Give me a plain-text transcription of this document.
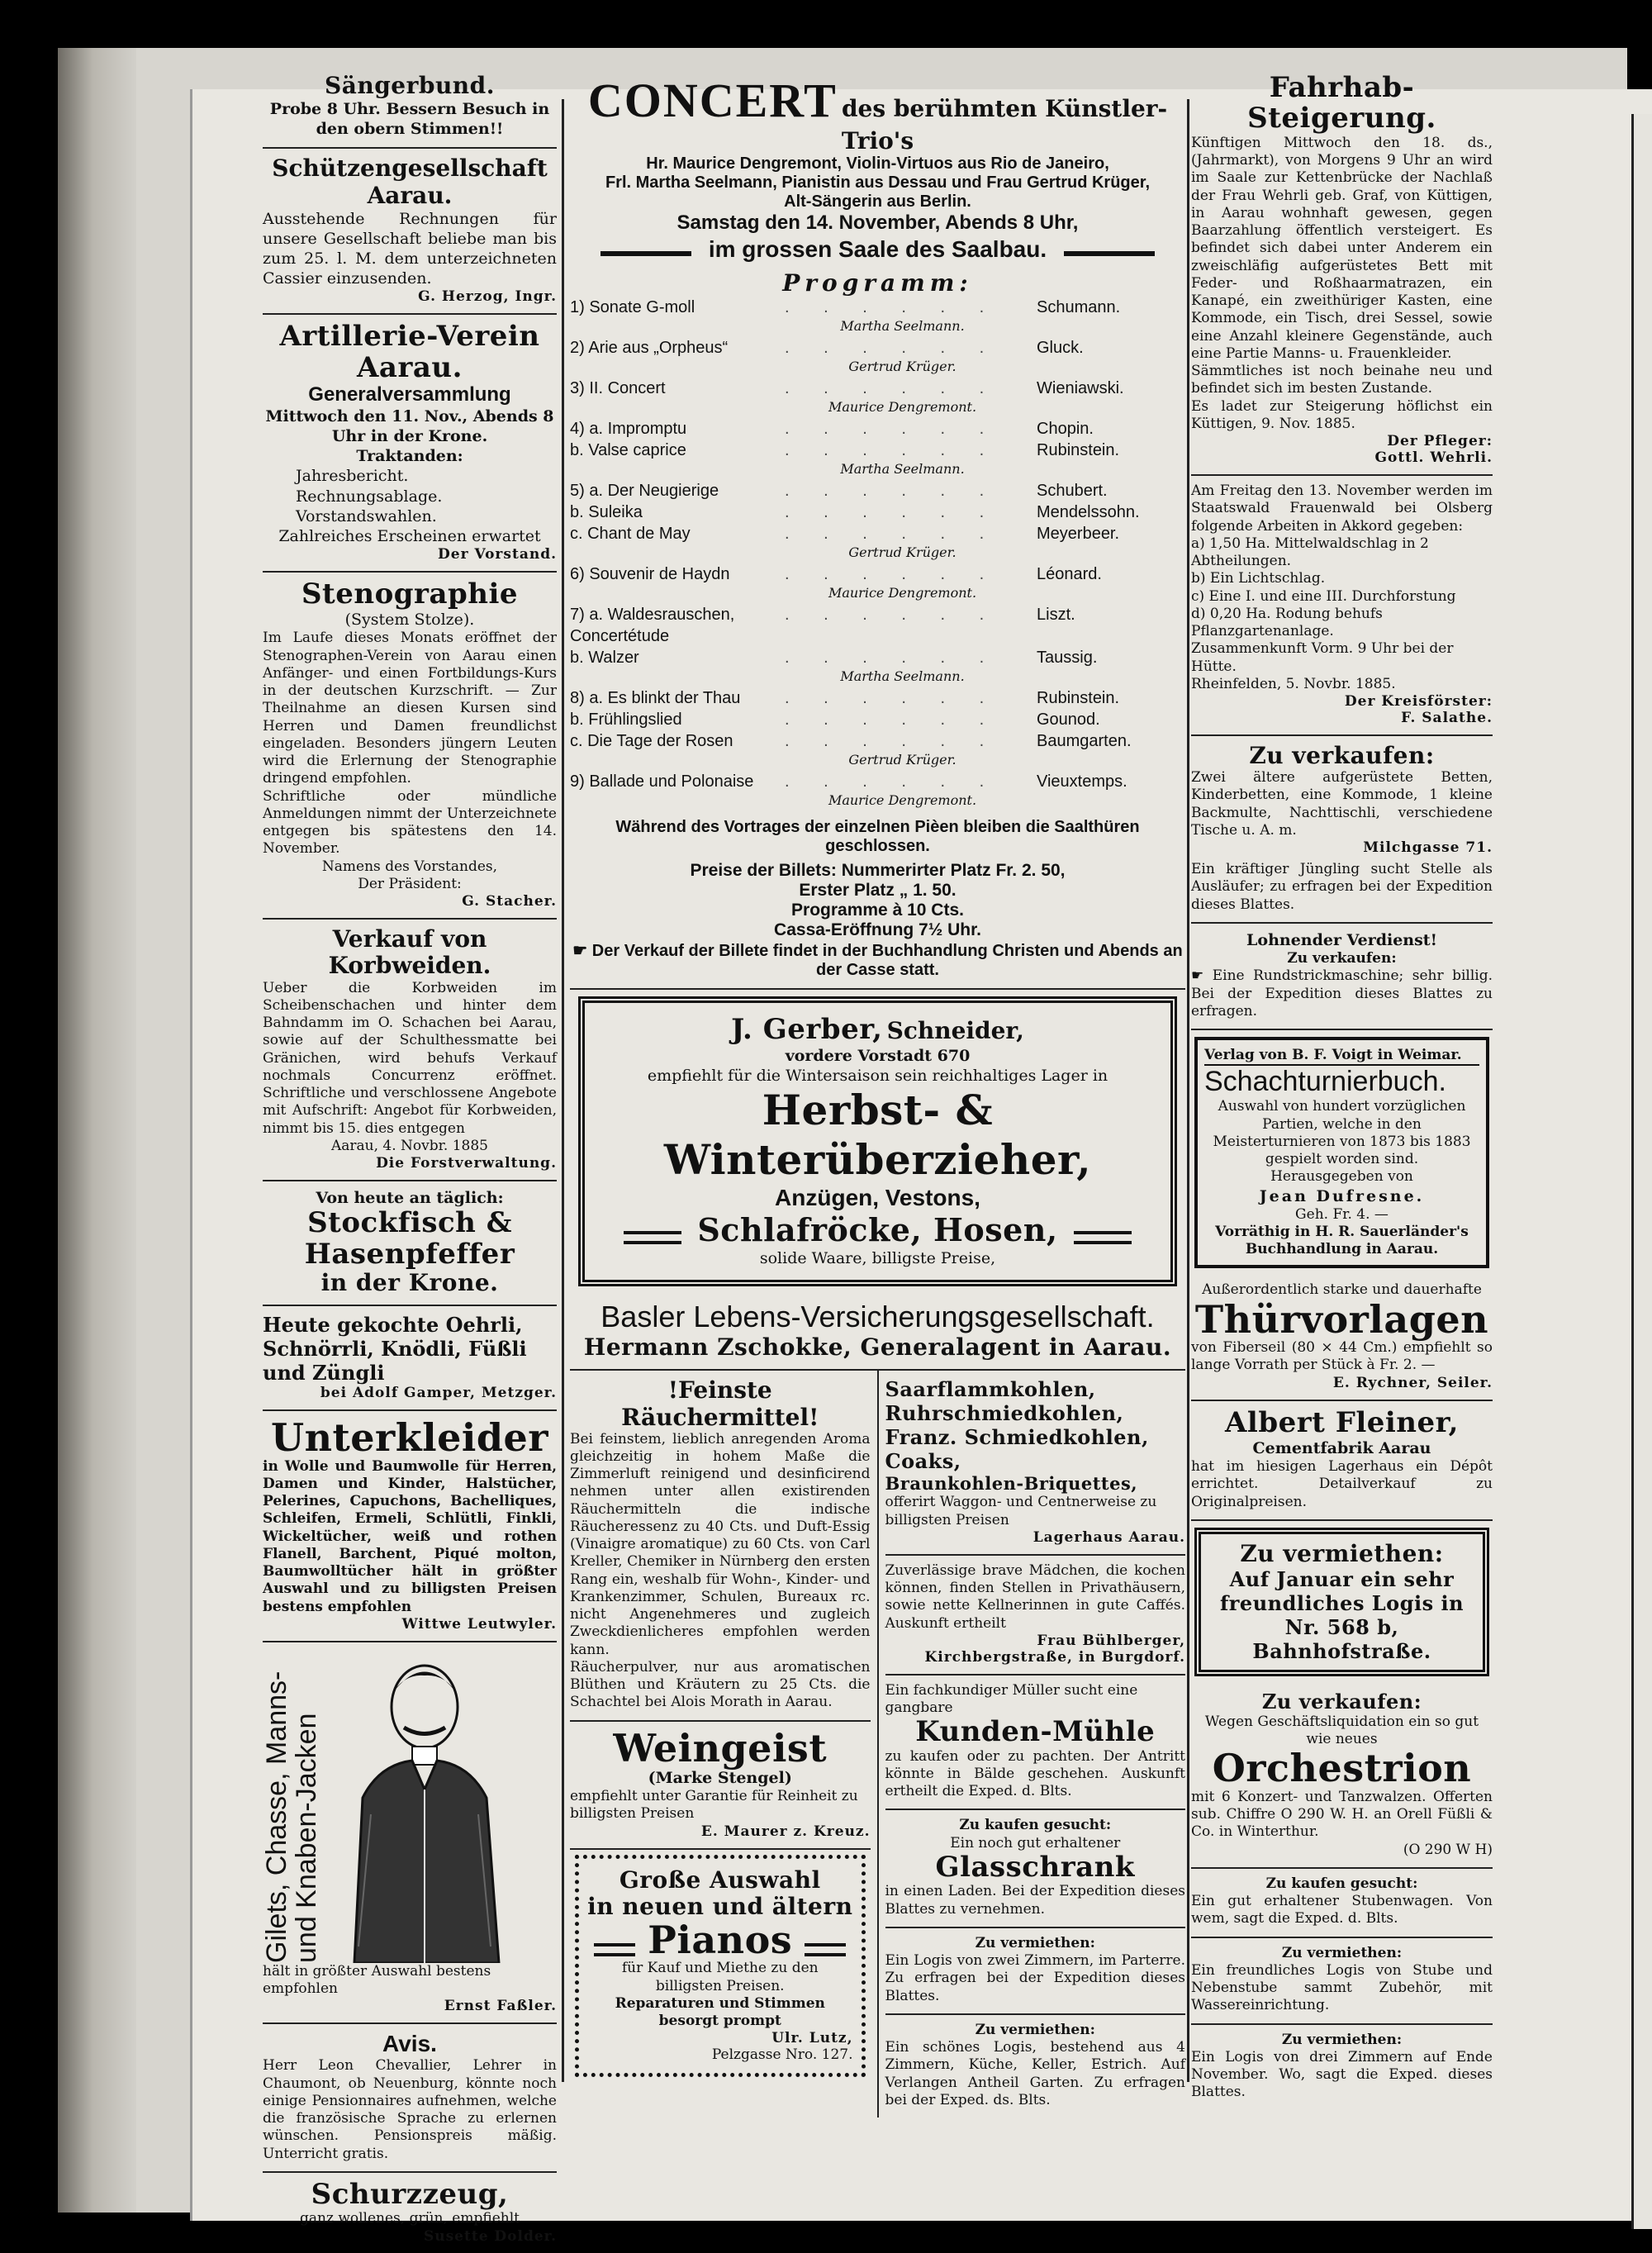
Sängerbund.
Probe 8 Uhr. Bessern Besuch in den obern Stimmen!!
Schützengesellschaft Aarau.
Ausstehende Rechnungen für unsere Gesellschaft beliebe man bis zum 25. l. M. dem unterzeichneten Cassier einzusenden.
G. Herzog, Ingr.
Artillerie-Verein Aarau.
Generalversammlung
Mittwoch den 11. Nov., Abends 8 Uhr in der Krone.
Traktanden:
Jahresbericht.
Rechnungsablage.
Vorstandswahlen.
Zahlreiches Erscheinen erwartet
Der Vorstand.
Stenographie
(System Stolze).
Im Laufe dieses Monats eröffnet der Stenographen-Verein von Aarau einen Anfänger- und einen Fortbildungs-Kurs in der deutschen Kurzschrift. — Zur Theilnahme an diesen Kursen sind Herren und Damen freundlichst eingeladen. Besonders jüngern Leuten wird die Erlernung der Stenographie dringend empfohlen.
Schriftliche oder mündliche Anmeldungen nimmt der Unterzeichnete entgegen bis spätestens den 14. November.
Namens des Vorstandes,
Der Präsident:
G. Stacher.
Verkauf von Korbweiden.
Ueber die Korbweiden im Scheibenschachen und hinter dem Bahndamm im O. Schachen bei Aarau, sowie auf der Schulthessmatte bei Gränichen, wird behufs Verkauf nochmals Concurrenz eröffnet. Schriftliche und verschlossene Angebote mit Aufschrift: Angebot für Korbweiden, nimmt bis 15. dies entgegen
Aarau, 4. Novbr. 1885
Die Forstverwaltung.
Von heute an täglich:
Stockfisch & Hasenpfeffer
in der Krone.
Heute gekochte Oehrli, Schnörrli, Knödli, Füßli und Züngli
bei Adolf Gamper, Metzger.
Unterkleider
in Wolle und Baumwolle für Herren, Damen und Kinder, Halstücher, Pelerines, Capuchons, Bachelliques, Schleifen, Ermeli, Schlütli, Finkli, Wickeltücher, weiß und rothen Flanell, Barchent, Piqué molton, Baumwolltücher hält in größter Auswahl und zu billigsten Preisen bestens empfohlen
Wittwe Leutwyler.
Gilets, Chasse, Manns-
und Knaben-Jacken
hält in größter Auswahl bestens empfohlen
Ernst Faßler.
Avis.
Herr Leon Chevallier, Lehrer in Chaumont, ob Neuenburg, könnte noch einige Pensionnaires aufnehmen, welche die französische Sprache zu erlernen wünschen. Pensionspreis mäßig. Unterricht gratis.
Schurzzeug,
ganz wollenes, grün, empfiehlt
Susette Dolder.
CONCERT des berühmten Künstler-Trio's
Hr. Maurice Dengremont, Violin-Virtuos aus Rio de Janeiro,
Frl. Martha Seelmann, Pianistin aus Dessau und Frau Gertrud Krüger,
Alt-Sängerin aus Berlin.
Samstag den 14. November, Abends 8 Uhr,
im grossen Saale des Saalbau.
Programm:
1) Sonate G-moll	. . . . . .	Schumann.
Martha Seelmann.
2) Arie aus „Orpheus“	. . . . . .	Gluck.
Gertrud Krüger.
3) II. Concert	. . . . . .	Wieniawski.
Maurice Dengremont.
4) a. Impromptu	. . . . . .	Chopin.
b. Valse caprice	. . . . . .	Rubinstein.
Martha Seelmann.
5) a. Der Neugierige	. . . . . .	Schubert.
b. Suleika	. . . . . .	Mendelssohn.
c. Chant de May	. . . . . .	Meyerbeer.
Gertrud Krüger.
6) Souvenir de Haydn	. . . . . .	Léonard.
Maurice Dengremont.
7) a. Waldesrauschen, Concertétude
. . . . . .	Liszt.
b. Walzer	. . . . . .	Taussig.
Martha Seelmann.
8) a. Es blinkt der Thau	. . . . . .	Rubinstein.
b. Frühlingslied	. . . . . .	Gounod.
c. Die Tage der Rosen	. . . . . .	Baumgarten.
Gertrud Krüger.
9) Ballade und Polonaise	. . . . . .	Vieuxtemps.
Maurice Dengremont.
Während des Vortrages der einzelnen Pièen bleiben die Saalthüren geschlossen.
Preise der Billets: Nummerirter Platz Fr. 2. 50,
Erster Platz „ 1. 50.
Programme à 10 Cts.
Cassa-Eröffnung 7½ Uhr.
☛ Der Verkauf der Billete findet in der Buchhandlung Christen und Abends an der Casse statt.
J. Gerber, Schneider,
vordere Vorstadt 670
empfiehlt für die Wintersaison sein reichhaltiges Lager in
Herbst- & Winterüberzieher,
Anzügen, Vestons,
Schlafröcke, Hosen,
solide Waare, billigste Preise,
Basler Lebens-Versicherungsgesellschaft.
Hermann Zschokke, Generalagent in Aarau.
!Feinste Räuchermittel!
Bei feinstem, lieblich anregenden Aroma gleichzeitig in hohem Maße die Zimmerluft reinigend und desinficirend nehmen unter allen existirenden Räuchermitteln die indische Räucheressenz zu 40 Cts. und Duft-Essig (Vinaigre aromatique) zu 60 Cts. von Carl Kreller, Chemiker in Nürnberg den ersten Rang ein, weshalb für Wohn-, Kinder- und Krankenzimmer, Schulen, Bureaux rc. nicht Angenehmeres und zugleich Zweckdienlicheres empfohlen werden kann.
Räucherpulver, nur aus aromatischen Blüthen und Kräutern zu 25 Cts. die Schachtel bei Alois Morath in Aarau.
Weingeist
(Marke Stengel)
empfiehlt unter Garantie für Reinheit zu billigsten Preisen
E. Maurer z. Kreuz.
Große Auswahl
in neuen und ältern
Pianos
für Kauf und Miethe zu den billigsten Preisen.
Reparaturen und Stimmen besorgt prompt
Ulr. Lutz,
Pelzgasse Nro. 127.
Saarflammkohlen,
Ruhrschmiedkohlen,
Franz. Schmiedkohlen,
Coaks,
Braunkohlen-Briquettes,
offerirt Waggon- und Centnerweise zu billigsten Preisen
Lagerhaus Aarau.
Zuverlässige brave Mädchen, die kochen können, finden Stellen in Privathäusern, sowie nette Kellnerinnen in gute Caffés. Auskunft ertheilt
Frau Bühlberger, Kirchbergstraße, in Burgdorf.
Ein fachkundiger Müller sucht eine gangbare
Kunden-Mühle
zu kaufen oder zu pachten. Der Antritt könnte in Bälde geschehen. Auskunft ertheilt die Exped. d. Blts.
Zu kaufen gesucht:
Ein noch gut erhaltener
Glasschrank
in einen Laden. Bei der Expedition dieses Blattes zu vernehmen.
Zu vermiethen:
Ein Logis von zwei Zimmern, im Parterre. Zu erfragen bei der Expedition dieses Blattes.
Zu vermiethen:
Ein schönes Logis, bestehend aus 4 Zimmern, Küche, Keller, Estrich. Auf Verlangen Antheil Garten. Zu erfragen bei der Exped. ds. Blts.
Fahrhab-Steigerung.
Künftigen Mittwoch den 18. ds., (Jahrmarkt), von Morgens 9 Uhr an wird im Saale zur Kettenbrücke der Nachlaß der Frau Wehrli geb. Graf, von Küttigen, in Aarau wohnhaft gewesen, gegen Baarzahlung öffentlich versteigert. Es befindet sich dabei unter Anderem ein zweischläfig aufgerüstetes Bett mit Feder- und Roßhaarmatrazen, ein Kanapé, ein zweithüriger Kasten, eine Kommode, ein Tisch, drei Sessel, sowie eine Anzahl kleinere Gegenstände, auch eine Partie Manns- u. Frauenkleider.
Sämmtliches ist noch beinahe neu und befindet sich im besten Zustande.
Es ladet zur Steigerung höflichst ein Küttigen, 9. Nov. 1885.
Der Pfleger:
Gottl. Wehrli.
Am Freitag den 13. November werden im Staatswald Frauenwald bei Olsberg folgende Arbeiten in Akkord gegeben:
a) 1,50 Ha. Mittelwaldschlag in 2 Abtheilungen.
b) Ein Lichtschlag.
c) Eine I. und eine III. Durchforstung
d) 0,20 Ha. Rodung behufs Pflanzgartenanlage.
Zusammenkunft Vorm. 9 Uhr bei der Hütte.
Rheinfelden, 5. Novbr. 1885.
Der Kreisförster:
F. Salathe.
Zu verkaufen:
Zwei ältere aufgerüstete Betten, Kinderbetten, eine Kommode, 1 kleine Backmulte, Nachttischli, verschiedene Tische u. A. m.
Milchgasse 71.
Ein kräftiger Jüngling sucht Stelle als Ausläufer; zu erfragen bei der Expedition dieses Blattes.
Lohnender Verdienst!
Zu verkaufen:
☛ Eine Rundstrickmaschine; sehr billig. Bei der Expedition dieses Blattes zu erfragen.
Verlag von B. F. Voigt in Weimar.
Schachturnierbuch.
Auswahl von hundert vorzüglichen Partien, welche in den Meisterturnieren von 1873 bis 1883 gespielt worden sind.
Herausgegeben von
Jean Dufresne.
Geh. Fr. 4. —
Vorräthig in H. R. Sauerländer's Buchhandlung in Aarau.
Außerordentlich starke und dauerhafte
Thürvorlagen
von Fiberseil (80 × 44 Cm.) empfiehlt so lange Vorrath per Stück à Fr. 2. —
E. Rychner, Seiler.
Albert Fleiner,
Cementfabrik Aarau
hat im hiesigen Lagerhaus ein Dépôt errichtet. Detailverkauf zu Originalpreisen.
Zu vermiethen:
Auf Januar ein sehr freundliches Logis in Nr. 568 b, Bahnhofstraße.
Zu verkaufen:
Wegen Geschäftsliquidation ein so gut wie neues
Orchestrion
mit 6 Konzert- und Tanzwalzen. Offerten sub. Chiffre O 290 W. H. an Orell Füßli & Co. in Winterthur.
(O 290 W H)
Zu kaufen gesucht:
Ein gut erhaltener Stubenwagen. Von wem, sagt die Exped. d. Blts.
Zu vermiethen:
Ein freundliches Logis von Stube und Nebenstube sammt Zubehör, mit Wassereinrichtung.
Zu vermiethen:
Ein Logis von drei Zimmern auf Ende November. Wo, sagt die Exped. dieses Blattes.
